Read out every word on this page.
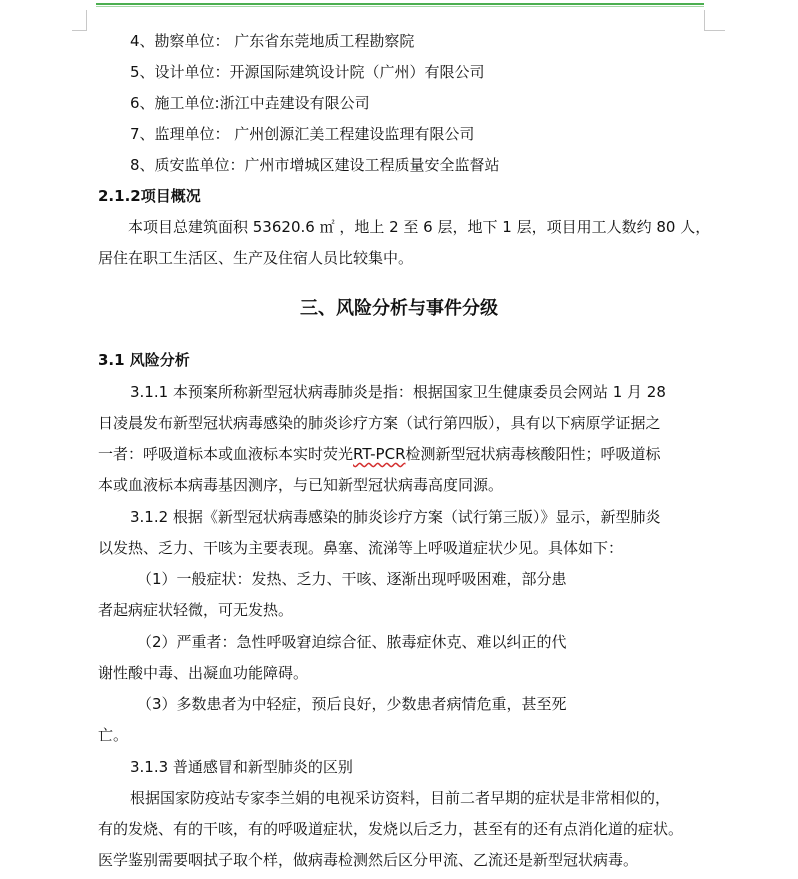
4、勘察单位： 广东省东莞地质工程勘察院
5、设计单位：开源国际建筑设计院（广州）有限公司
6、施工单位:浙江中垚建设有限公司
7、监理单位： 广州创源汇美工程建设监理有限公司
8、质安监单位：广州市增城区建设工程质量安全监督站
2.1.2项目概况
本项目总建筑面积 53620.6 ㎡ ，地上 2 至 6 层，地下 1 层，项目用工人数约 80 人，
居住在职工生活区、生产及住宿人员比较集中。
三、风险分析与事件分级
3.1 风险分析
3.1.1 本预案所称新型冠状病毒肺炎是指：根据国家卫生健康委员会网站 1 月 28
日凌晨发布新型冠状病毒感染的肺炎诊疗方案（试行第四版），具有以下病原学证据之
一者：呼吸道标本或血液标本实时荧光RT-PCR检测新型冠状病毒核酸阳性；呼吸道标
本或血液标本病毒基因测序，与已知新型冠状病毒高度同源。
3.1.2 根据《新型冠状病毒感染的肺炎诊疗方案（试行第三版）》显示，新型肺炎
以发热、乏力、干咳为主要表现。鼻塞、流涕等上呼吸道症状少见。具体如下：
（1）一般症状：发热、乏力、干咳、逐渐出现呼吸困难，部分患
者起病症状轻微，可无发热。
（2）严重者：急性呼吸窘迫综合征、脓毒症休克、难以纠正的代
谢性酸中毒、出凝血功能障碍。
（3）多数患者为中轻症，预后良好，少数患者病情危重，甚至死
亡。
3.1.3 普通感冒和新型肺炎的区别
根据国家防疫站专家李兰娟的电视采访资料，目前二者早期的症状是非常相似的，
有的发烧、有的干咳，有的呼吸道症状，发烧以后乏力，甚至有的还有点消化道的症状。
医学鉴别需要咽拭子取个样，做病毒检测然后区分甲流、乙流还是新型冠状病毒。
